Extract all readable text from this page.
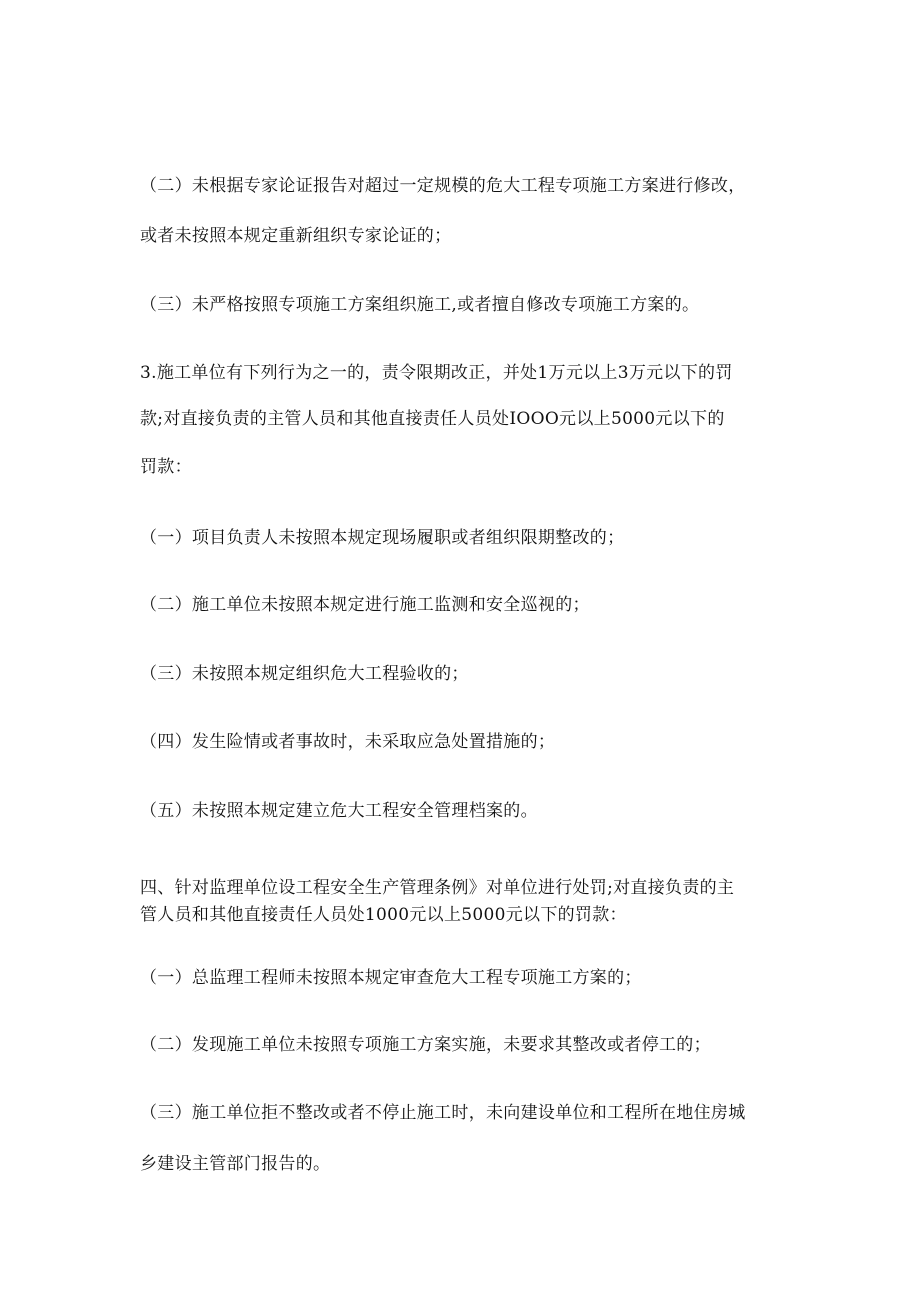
（二）未根据专家论证报告对超过一定规模的危大工程专项施工方案进行修改，
或者未按照本规定重新组织专家论证的；
（三）未严格按照专项施工方案组织施工,或者擅自修改专项施工方案的。
3.施工单位有下列行为之一的，责令限期改正，并处1万元以上3万元以下的罚
款;对直接负责的主管人员和其他直接责任人员处IOOO元以上5000元以下的
罚款：
（一）项目负责人未按照本规定现场履职或者组织限期整改的；
（二）施工单位未按照本规定进行施工监测和安全巡视的；
（三）未按照本规定组织危大工程验收的；
（四）发生险情或者事故时，未采取应急处置措施的；
（五）未按照本规定建立危大工程安全管理档案的。
四、针对监理单位设工程安全生产管理条例》对单位进行处罚;对直接负责的主
管人员和其他直接责任人员处1000元以上5000元以下的罚款：
（一）总监理工程师未按照本规定审查危大工程专项施工方案的；
（二）发现施工单位未按照专项施工方案实施，未要求其整改或者停工的；
（三）施工单位拒不整改或者不停止施工时，未向建设单位和工程所在地住房城
乡建设主管部门报告的。
